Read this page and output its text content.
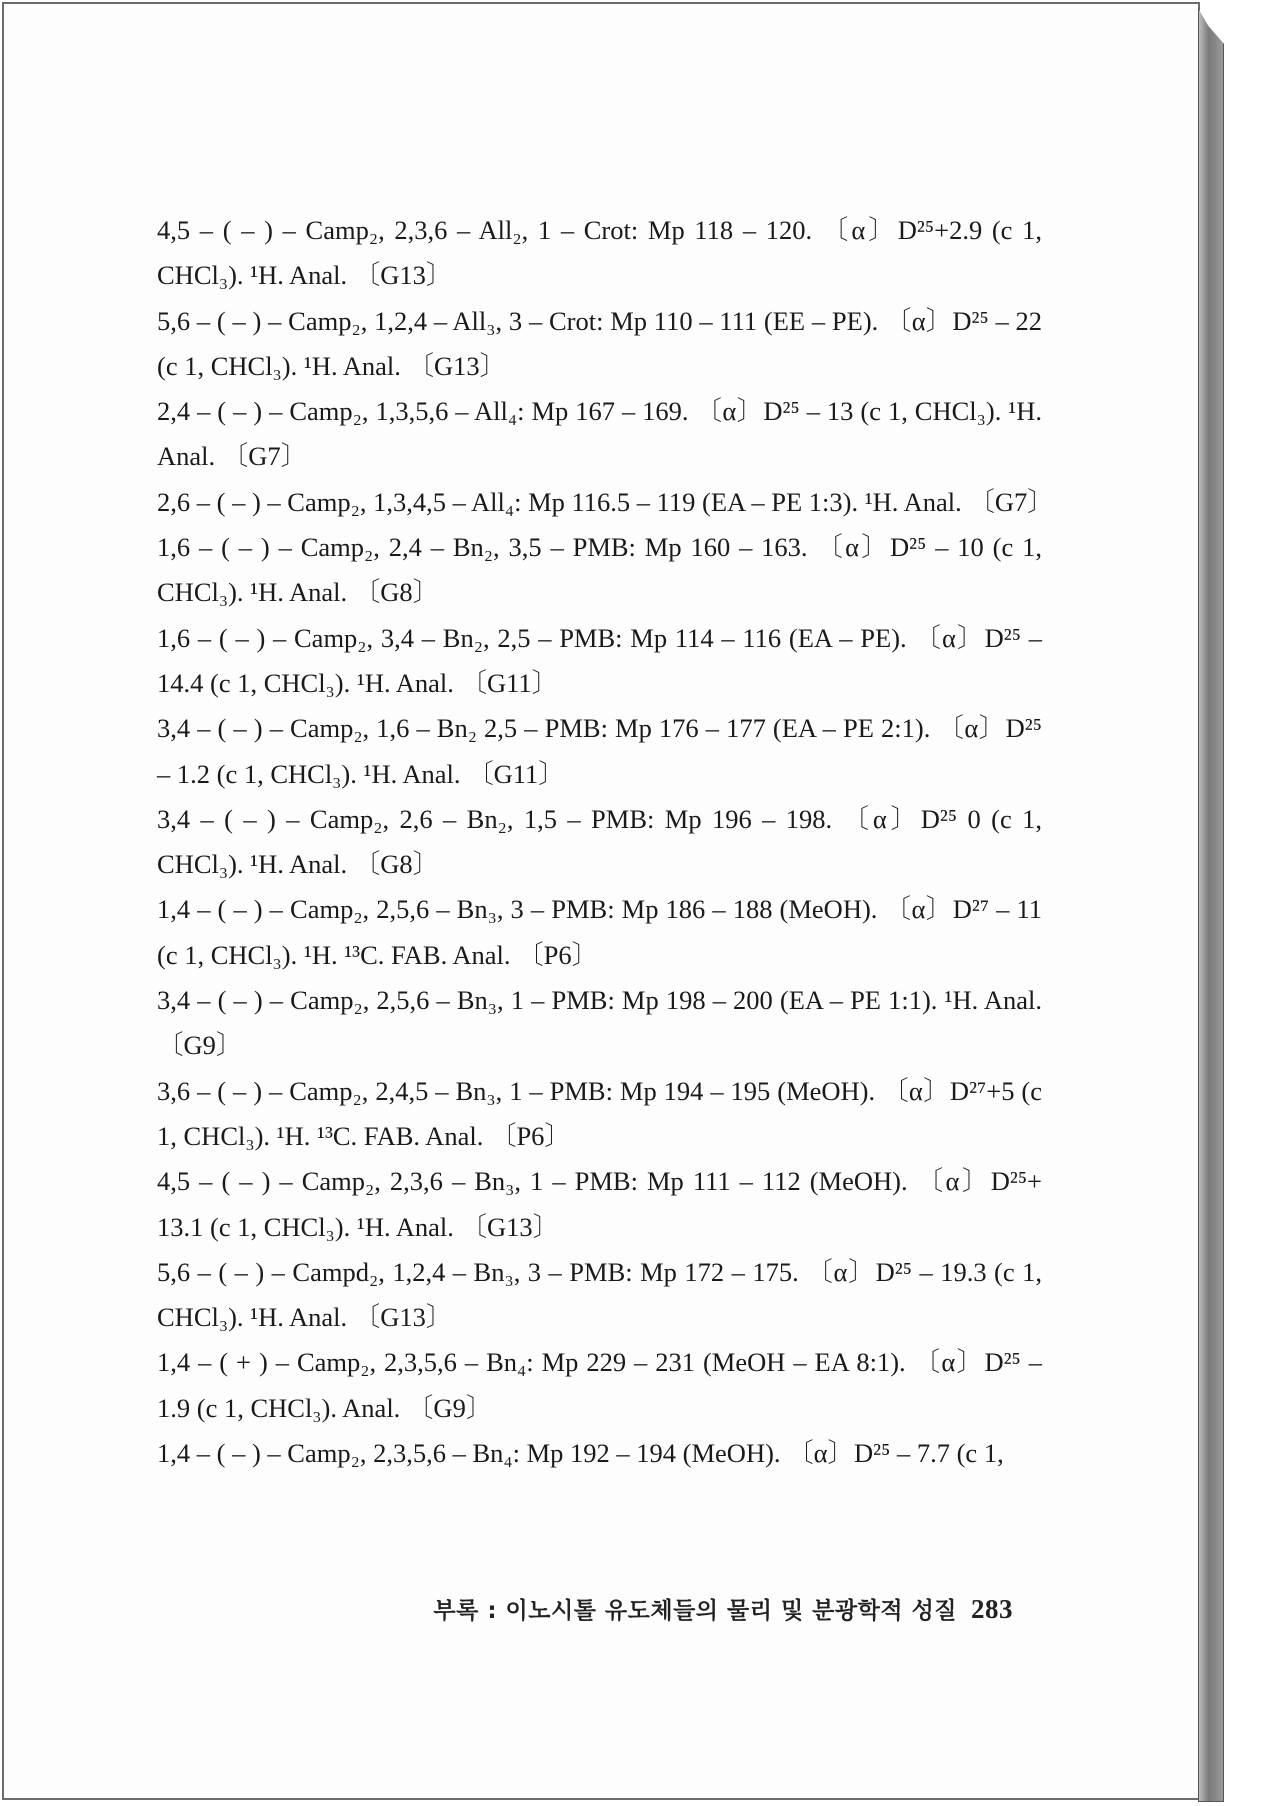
4,5 – ( – ) – Camp₂, 2,3,6 – All₂, 1 – Crot: Mp 118 – 120. 〔α〕D²⁵+2.9 (c 1, CHCl₃). ¹H. Anal. 〔G13〕

5,6 – ( – ) – Camp₂, 1,2,4 – All₃, 3 – Crot: Mp 110 – 111 (EE – PE). 〔α〕D²⁵ – 22 (c 1, CHCl₃). ¹H. Anal. 〔G13〕

2,4 – ( – ) – Camp₂, 1,3,5,6 – All₄: Mp 167 – 169. 〔α〕D²⁵ – 13 (c 1, CHCl₃). ¹H. Anal. 〔G7〕

2,6 – ( – ) – Camp₂, 1,3,4,5 – All₄: Mp 116.5 – 119 (EA – PE 1:3). ¹H. Anal. 〔G7〕

1,6 – ( – ) – Camp₂, 2,4 – Bn₂, 3,5 – PMB: Mp 160 – 163. 〔α〕D²⁵ – 10 (c 1, CHCl₃). ¹H. Anal. 〔G8〕

1,6 – ( – ) – Camp₂, 3,4 – Bn₂, 2,5 – PMB: Mp 114 – 116 (EA – PE). 〔α〕D²⁵ – 14.4 (c 1, CHCl₃). ¹H. Anal. 〔G11〕

3,4 – ( – ) – Camp₂, 1,6 – Bn₂ 2,5 – PMB: Mp 176 – 177 (EA – PE 2:1). 〔α〕D²⁵ – 1.2 (c 1, CHCl₃). ¹H. Anal. 〔G11〕

3,4 – ( – ) – Camp₂, 2,6 – Bn₂, 1,5 – PMB: Mp 196 – 198. 〔α〕D²⁵ 0 (c 1, CHCl₃). ¹H. Anal. 〔G8〕

1,4 – ( – ) – Camp₂, 2,5,6 – Bn₃, 3 – PMB: Mp 186 – 188 (MeOH). 〔α〕D²⁷ – 11 (c 1, CHCl₃). ¹H. ¹³C. FAB. Anal. 〔P6〕

3,4 – ( – ) – Camp₂, 2,5,6 – Bn₃, 1 – PMB: Mp 198 – 200 (EA – PE 1:1). ¹H. Anal. 〔G9〕

3,6 – ( – ) – Camp₂, 2,4,5 – Bn₃, 1 – PMB: Mp 194 – 195 (MeOH). 〔α〕D²⁷+5 (c 1, CHCl₃). ¹H. ¹³C. FAB. Anal. 〔P6〕

4,5 – ( – ) – Camp₂, 2,3,6 – Bn₃, 1 – PMB: Mp 111 – 112 (MeOH). 〔α〕D²⁵+ 13.1 (c 1, CHCl₃). ¹H. Anal. 〔G13〕

5,6 – ( – ) – Campd₂, 1,2,4 – Bn₃, 3 – PMB: Mp 172 – 175. 〔α〕D²⁵ – 19.3 (c 1, CHCl₃). ¹H. Anal. 〔G13〕

1,4 – ( + ) – Camp₂, 2,3,5,6 – Bn₄: Mp 229 – 231 (MeOH – EA 8:1). 〔α〕D²⁵ – 1.9 (c 1, CHCl₃). Anal. 〔G9〕

1,4 – ( – ) – Camp₂, 2,3,5,6 – Bn₄: Mp 192 – 194 (MeOH). 〔α〕D²⁵ – 7.7 (c 1,

부록 : 이노시톨 유도체들의 물리 및 분광학적 성질 283
